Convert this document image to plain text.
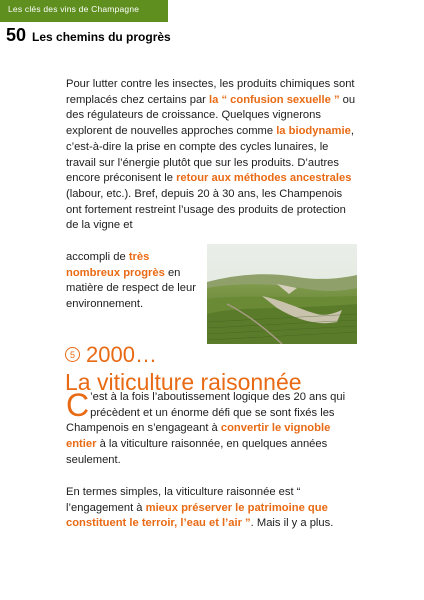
Les clés des vins de Champagne
50 Les chemins du progrès

Pour lutter contre les insectes, les produits chimiques sont remplacés chez certains par la “ confusion sexuelle ” ou des régulateurs de croissance. Quelques vignerons explorent de nouvelles approches comme la biodynamie, c’est-à-dire la prise en compte des cycles lunaires, le travail sur l’énergie plutôt que sur les produits. D’autres encore préconisent le retour aux méthodes ancestrales (labour, etc.). Bref, depuis 20 à 30 ans, les Champenois ont fortement restreint l’usage des produits de protection de la vigne et

accompli de très nombreux progrès en matière de respect de leur environnement.

5 2000…
La viticulture raisonnée

C ’est à la fois l’aboutissement logique des 20 ans qui précèdent et un énorme défi que se sont fixés les Champenois en s’engageant à convertir le vignoble entier à la viticulture raisonnée, en quelques années seulement.

En termes simples, la viticulture raisonnée est “ l’engagement à mieux préserver le patrimoine que constituent le terroir, l’eau et l’air ”. Mais il y a plus.
